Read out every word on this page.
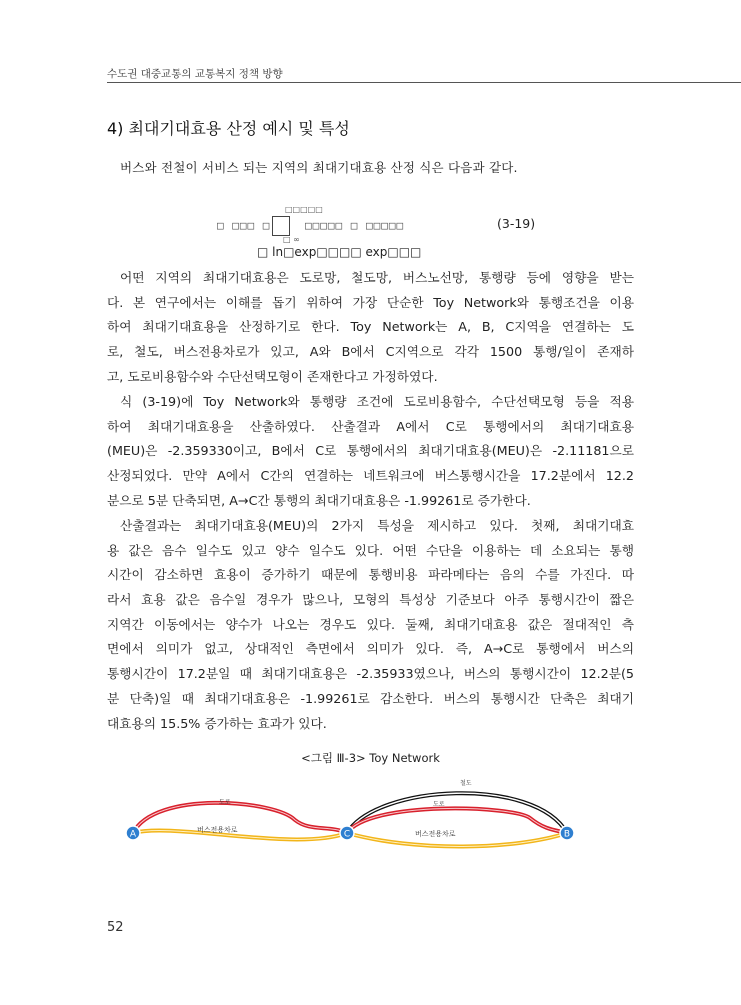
수도권 대중교통의 교통복지 정책 방향
4) 최대기대효용 산정 예시 및 특성
버스와 전철이 서비스 되는 지역의 최대기대효용 산정 식은 다음과 같다.
□ □□□ □
□□□□□
□□□□□ □ □□□□□
□ ∞
□ ln□exp□□□□ exp□□□
(3-19)
어떤 지역의 최대기대효용은 도로망, 철도망, 버스노선망, 통행량 등에 영향을 받는
다. 본 연구에서는 이해를 돕기 위하여 가장 단순한 Toy Network와 통행조건을 이용
하여 최대기대효용을 산정하기로 한다. Toy Network는 A, B, C지역을 연결하는 도
로, 철도, 버스전용차로가 있고, A와 B에서 C지역으로 각각 1500 통행/일이 존재하
고, 도로비용함수와 수단선택모형이 존재한다고 가정하였다.
식 (3-19)에 Toy Network와 통행량 조건에 도로비용함수, 수단선택모형 등을 적용
하여 최대기대효용을 산출하였다. 산출결과 A에서 C로 통행에서의 최대기대효용
(MEU)은 -2.359330이고, B에서 C로 통행에서의 최대기대효용(MEU)은 -2.11181으로
산정되었다. 만약 A에서 C간의 연결하는 네트워크에 버스통행시간을 17.2분에서 12.2
분으로 5분 단축되면, A→C간 통행의 최대기대효용은 -1.99261로 증가한다.
산출결과는 최대기대효용(MEU)의 2가지 특성을 제시하고 있다. 첫째, 최대기대효
용 값은 음수 일수도 있고 양수 일수도 있다. 어떤 수단을 이용하는 데 소요되는 통행
시간이 감소하면 효용이 증가하기 때문에 통행비용 파라메타는 음의 수를 가진다. 따
라서 효용 값은 음수일 경우가 많으나, 모형의 특성상 기준보다 아주 통행시간이 짧은
지역간 이동에서는 양수가 나오는 경우도 있다. 둘째, 최대기대효용 값은 절대적인 측
면에서 의미가 없고, 상대적인 측면에서 의미가 있다. 즉, A→C로 통행에서 버스의
통행시간이 17.2분일 때 최대기대효용은 -2.35933였으나, 버스의 통행시간이 12.2분(5
분 단축)일 때 최대기대효용은 -1.99261로 감소한다. 버스의 통행시간 단축은 최대기
대효용의 15.5% 증가하는 효과가 있다.
<그림 Ⅲ-3> Toy Network
도로
버스전용차로
철도
도로
버스전용차로
A	C	B
52
